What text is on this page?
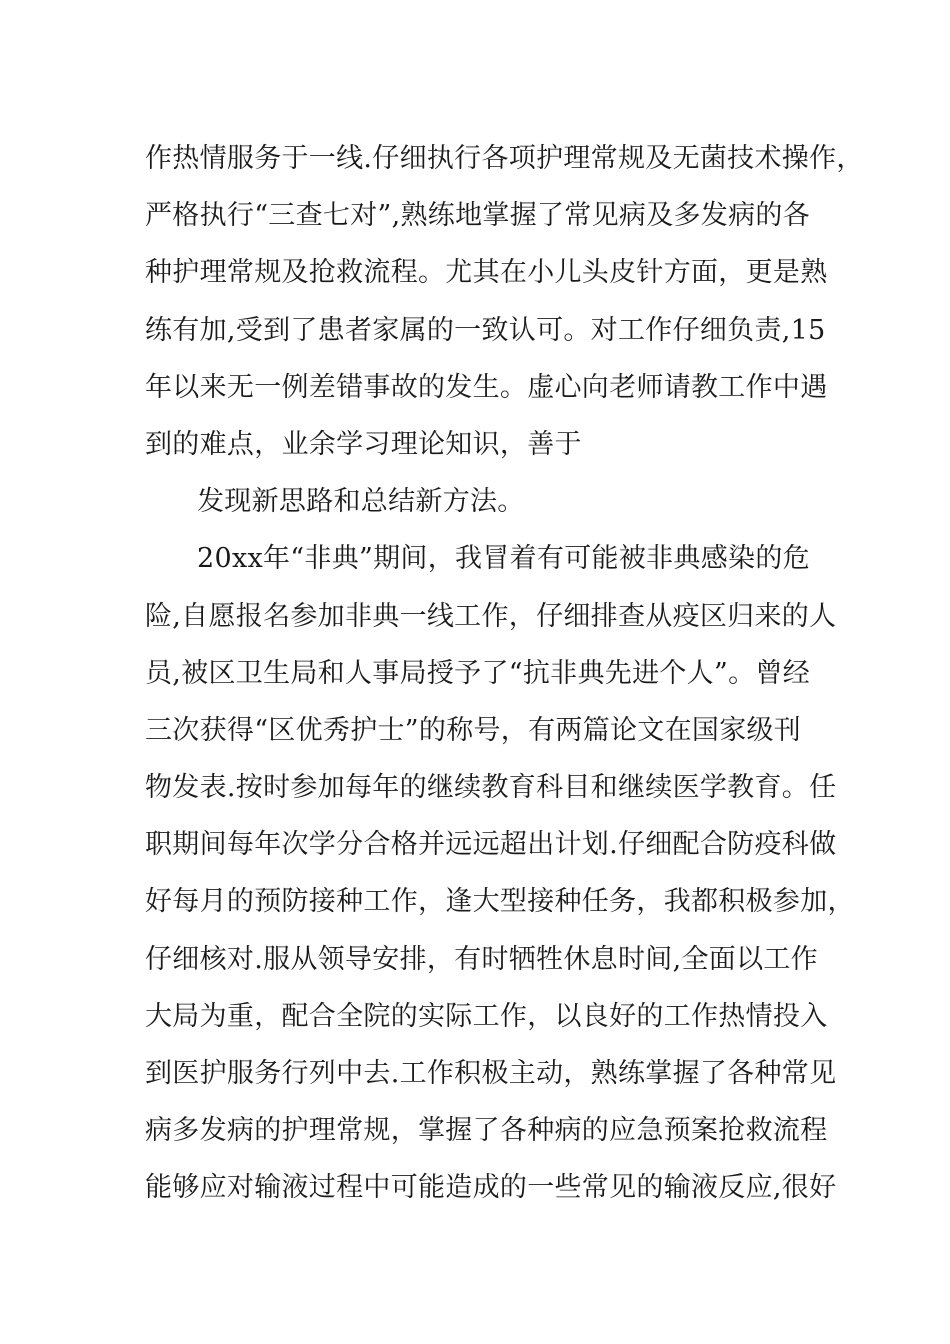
作热情服务于一线.仔细执行各项护理常规及无菌技术操作，
严格执行“三查七对”,熟练地掌握了常见病及多发病的各
种护理常规及抢救流程。尤其在小儿头皮针方面，更是熟
练有加,受到了患者家属的一致认可。对工作仔细负责,15
年以来无一例差错事故的发生。虚心向老师请教工作中遇
到的难点，业余学习理论知识，善于
发现新思路和总结新方法。
20xx年“非典”期间，我冒着有可能被非典感染的危
险,自愿报名参加非典一线工作，仔细排查从疫区归来的人
员,被区卫生局和人事局授予了“抗非典先进个人”。曾经
三次获得“区优秀护士”的称号，有两篇论文在国家级刊
物发表.按时参加每年的继续教育科目和继续医学教育。任
职期间每年次学分合格并远远超出计划.仔细配合防疫科做
好每月的预防接种工作，逢大型接种任务，我都积极参加，
仔细核对.服从领导安排，有时牺牲休息时间,全面以工作
大局为重，配合全院的实际工作，以良好的工作热情投入
到医护服务行列中去.工作积极主动，熟练掌握了各种常见
病多发病的护理常规，掌握了各种病的应急预案抢救流程
能够应对输液过程中可能造成的一些常见的输液反应,很好
